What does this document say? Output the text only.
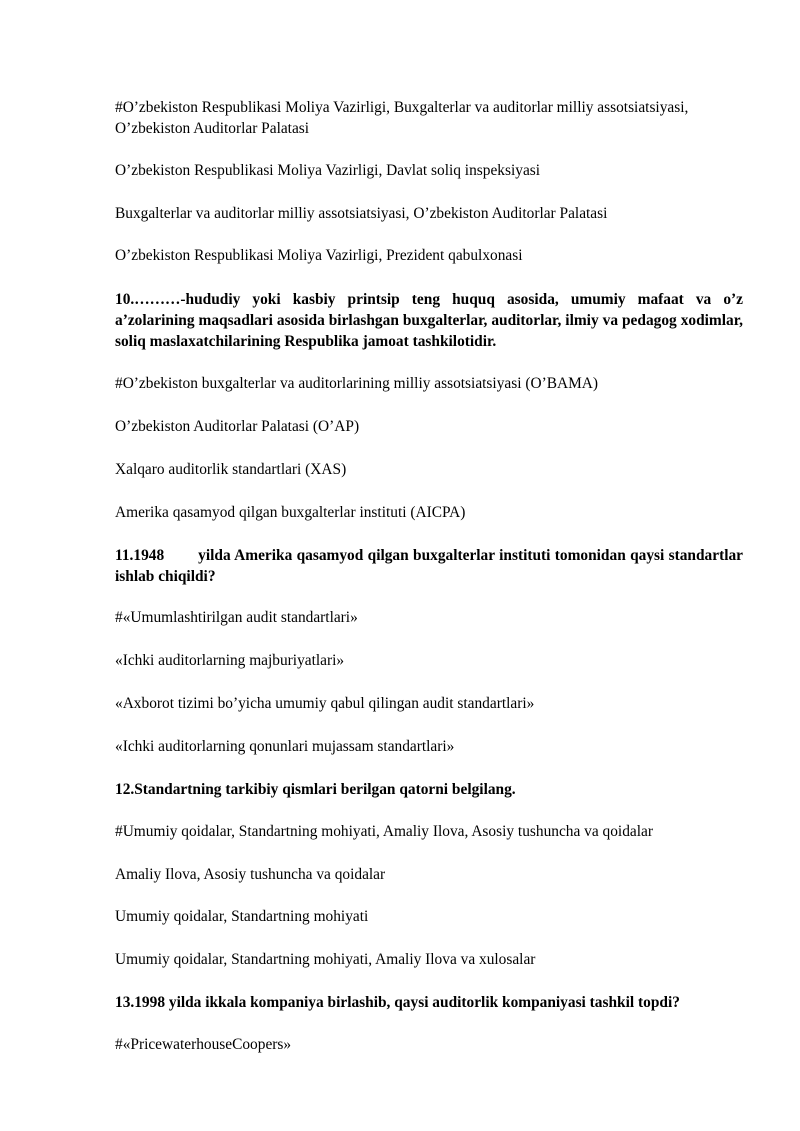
#O’zbekiston Respublikasi Moliya Vazirligi, Buxgalterlar va auditorlar milliy assotsiatsiyasi, O’zbekiston Auditorlar Palatasi

O’zbekiston Respublikasi Moliya Vazirligi, Davlat soliq inspeksiyasi

Buxgalterlar va auditorlar milliy assotsiatsiyasi, O’zbekiston Auditorlar Palatasi

O’zbekiston Respublikasi Moliya Vazirligi, Prezident qabulxonasi

10.………-hududiy yoki kasbiy printsip teng huquq asosida, umumiy mafaat va o’z a’zolarining maqsadlari asosida birlashgan buxgalterlar, auditorlar, ilmiy va pedagog xodimlar, soliq maslaxatchilarining Respublika jamoat tashkilotidir.

#O’zbekiston buxgalterlar va auditorlarining milliy assotsiatsiyasi (O’BAMA)

O’zbekiston Auditorlar Palatasi (O’AP)

Xalqaro auditorlik standartlari (XAS)

Amerika qasamyod qilgan buxgalterlar instituti (AICPA)

11.1948 yilda Amerika qasamyod qilgan buxgalterlar instituti tomonidan qaysi standartlar ishlab chiqildi?

#«Umumlashtirilgan audit standartlari»

«Ichki auditorlarning majburiyatlari»

«Axborot tizimi bo’yicha umumiy qabul qilingan audit standartlari»

«Ichki auditorlarning qonunlari mujassam standartlari»

12.Standartning tarkibiy qismlari berilgan qatorni belgilang.

#Umumiy qoidalar, Standartning mohiyati, Amaliy Ilova, Asosiy tushuncha va qoidalar

Amaliy Ilova, Asosiy tushuncha va qoidalar

Umumiy qoidalar, Standartning mohiyati

Umumiy qoidalar, Standartning mohiyati, Amaliy Ilova va xulosalar

13.1998 yilda ikkala kompaniya birlashib, qaysi auditorlik kompaniyasi tashkil topdi?

#«PricewaterhouseCoopers»
